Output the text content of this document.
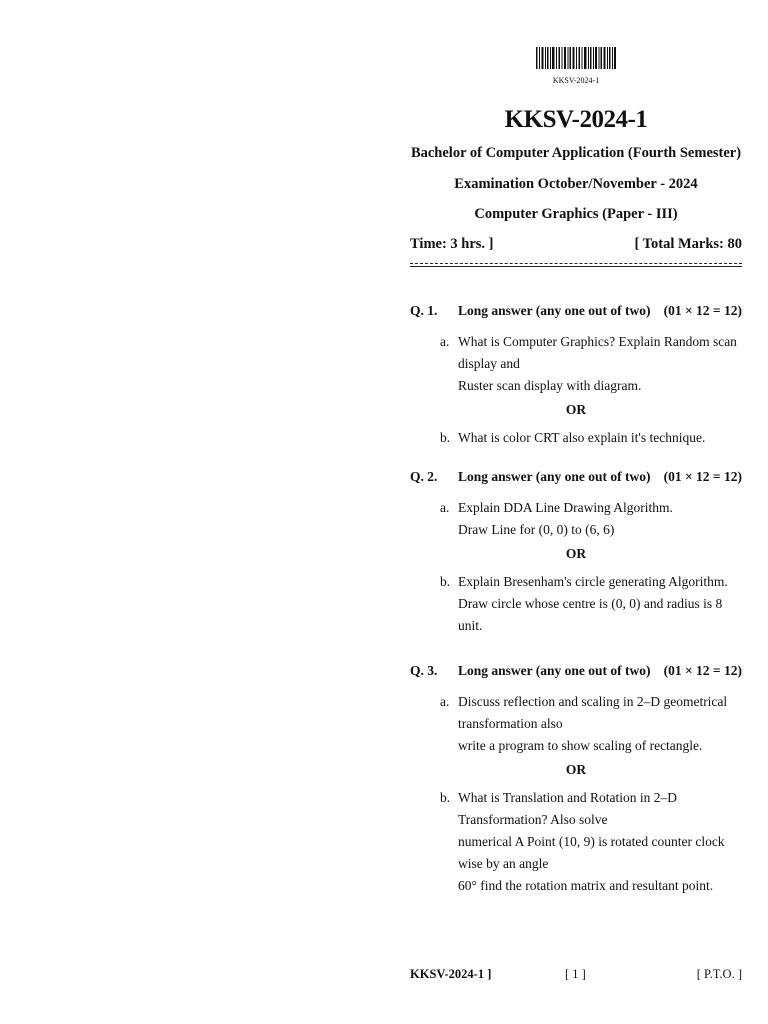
KKSV-2024-1
KKSV-2024-1
Bachelor of Computer Application (Fourth Semester)
Examination October/November - 2024
Computer Graphics (Paper - III)
Time: 3 hrs. ]	[ Total Marks: 80
Q. 1. Long answer (any one out of two) (01 × 12 = 12)
a. What is Computer Graphics? Explain Random scan display and
Ruster scan display with diagram.
OR
b. What is color CRT also explain it's technique.
Q. 2. Long answer (any one out of two) (01 × 12 = 12)
a. Explain DDA Line Drawing Algorithm.
Draw Line for (0, 0) to (6, 6)
OR
b. Explain Bresenham's circle generating Algorithm.
Draw circle whose centre is (0, 0) and radius is 8 unit.
Q. 3. Long answer (any one out of two) (01 × 12 = 12)
a. Discuss reflection and scaling in 2–D geometrical transformation also
write a program to show scaling of rectangle.
OR
b. What is Translation and Rotation in 2–D Transformation? Also solve
numerical A Point (10, 9) is rotated counter clock wise by an angle
60° find the rotation matrix and resultant point.
KKSV-2024-1 ]	[ 1 ]	[ P.T.O. ]
